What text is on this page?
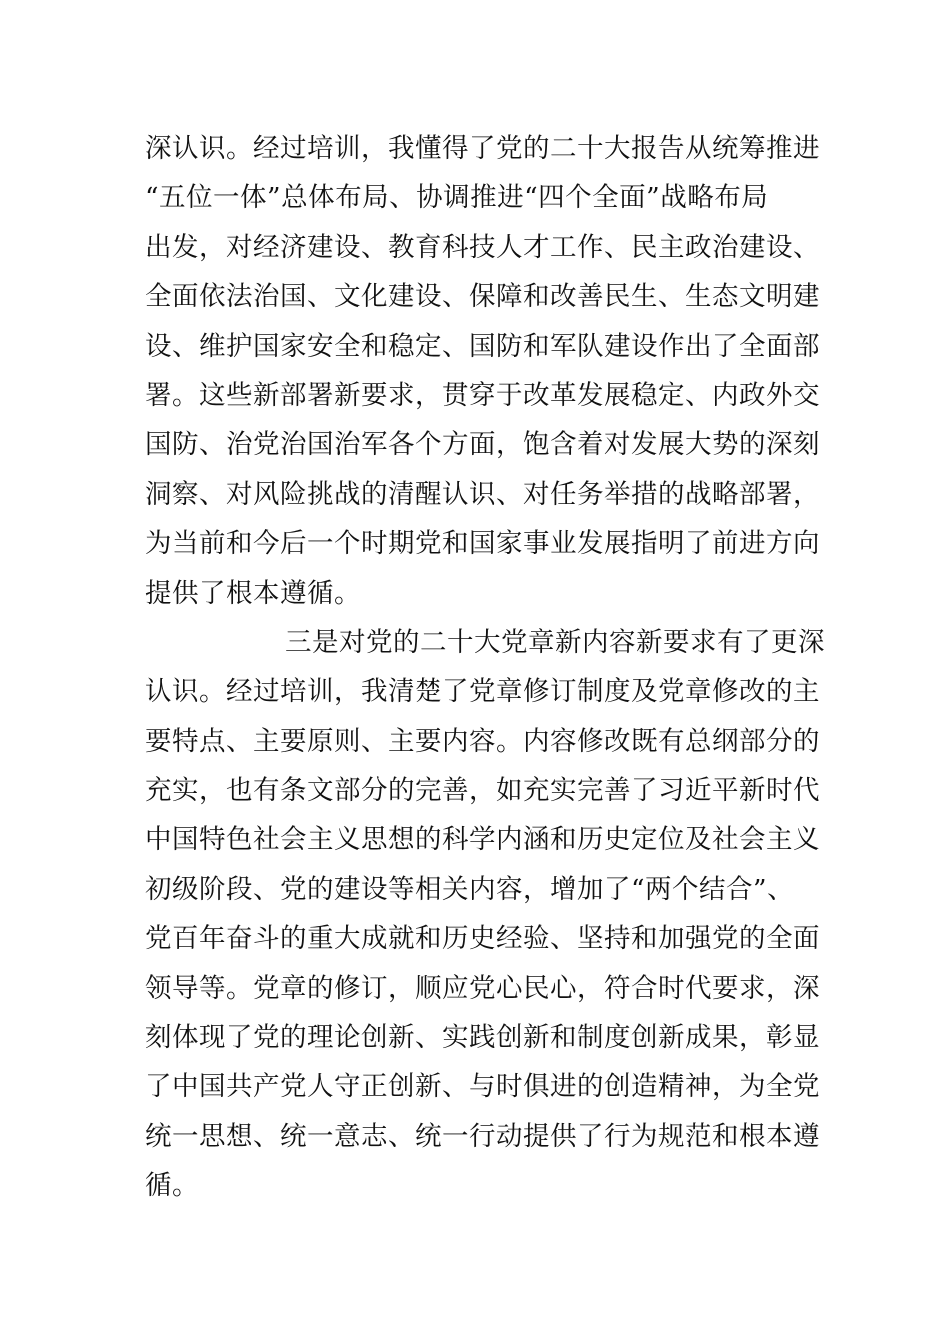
深认识。经过培训，我懂得了党的二十大报告从统筹推进
“五位一体”总体布局、协调推进“四个全面”战略布局
出发，对经济建设、教育科技人才工作、民主政治建设、
全面依法治国、文化建设、保障和改善民生、生态文明建
设、维护国家安全和稳定、国防和军队建设作出了全面部
署。这些新部署新要求，贯穿于改革发展稳定、内政外交
国防、治党治国治军各个方面，饱含着对发展大势的深刻
洞察、对风险挑战的清醒认识、对任务举措的战略部署，
为当前和今后一个时期党和国家事业发展指明了前进方向
提供了根本遵循。
三是对党的二十大党章新内容新要求有了更深
认识。经过培训，我清楚了党章修订制度及党章修改的主
要特点、主要原则、主要内容。内容修改既有总纲部分的
充实，也有条文部分的完善，如充实完善了习近平新时代
中国特色社会主义思想的科学内涵和历史定位及社会主义
初级阶段、党的建设等相关内容，增加了“两个结合”、
党百年奋斗的重大成就和历史经验、坚持和加强党的全面
领导等。党章的修订，顺应党心民心，符合时代要求，深
刻体现了党的理论创新、实践创新和制度创新成果，彰显
了中国共产党人守正创新、与时俱进的创造精神，为全党
统一思想、统一意志、统一行动提供了行为规范和根本遵
循。
